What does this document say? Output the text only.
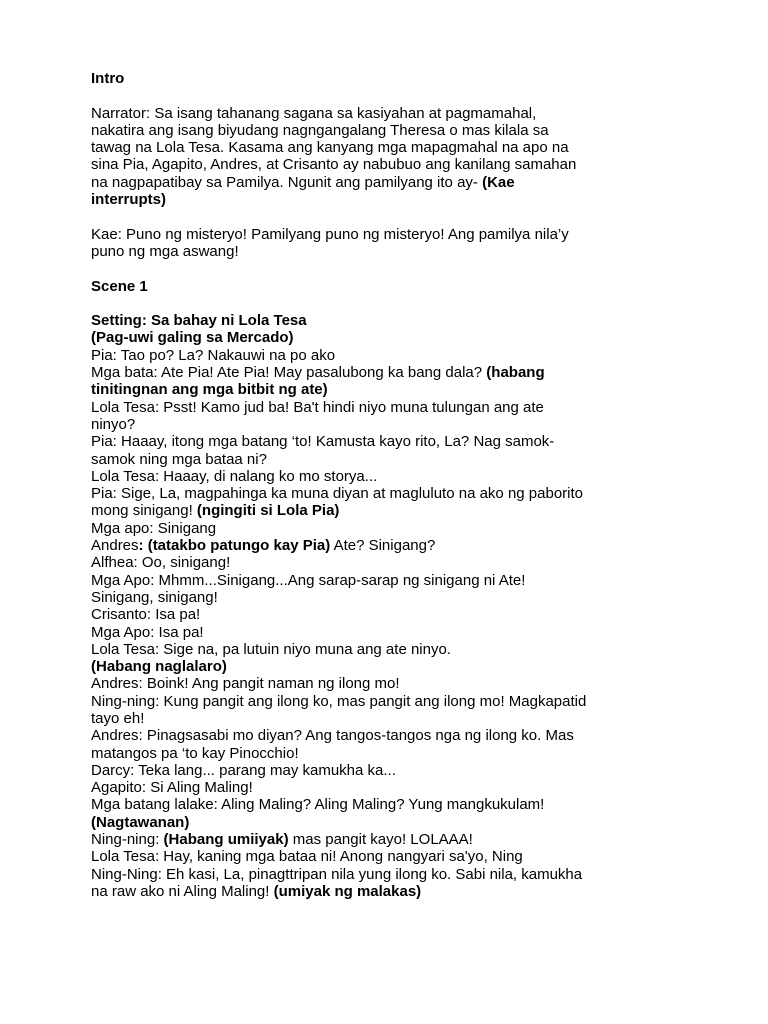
Intro
Narrator: Sa isang tahanang sagana sa kasiyahan at pagmamahal,
nakatira ang isang biyudang nagngangalang Theresa o mas kilala sa
tawag na Lola Tesa. Kasama ang kanyang mga mapagmahal na apo na
sina Pia, Agapito, Andres, at Crisanto ay nabubuo ang kanilang samahan
na nagpapatibay sa Pamilya. Ngunit ang pamilyang ito ay- (Kae
interrupts)
Kae: Puno ng misteryo! Pamilyang puno ng misteryo! Ang pamilya nila’y
puno ng mga aswang!
Scene 1
Setting: Sa bahay ni Lola Tesa
(Pag-uwi galing sa Mercado)
Pia: Tao po? La? Nakauwi na po ako
Mga bata: Ate Pia! Ate Pia! May pasalubong ka bang dala? (habang
tinitingnan ang mga bitbit ng ate)
Lola Tesa: Psst! Kamo jud ba! Ba't hindi niyo muna tulungan ang ate
ninyo?
Pia: Haaay, itong mga batang ‘to! Kamusta kayo rito, La? Nag samok-
samok ning mga bataa ni?
Lola Tesa: Haaay, di nalang ko mo storya...
Pia: Sige, La, magpahinga ka muna diyan at magluluto na ako ng paborito
mong sinigang! (ngingiti si Lola Pia)
Mga apo: Sinigang
Andres: (tatakbo patungo kay Pia) Ate? Sinigang?
Alfhea: Oo, sinigang!
Mga Apo: Mhmm...Sinigang...Ang sarap-sarap ng sinigang ni Ate!
Sinigang, sinigang!
Crisanto: Isa pa!
Mga Apo: Isa pa!
Lola Tesa: Sige na, pa lutuin niyo muna ang ate ninyo.
(Habang naglalaro)
Andres: Boink! Ang pangit naman ng ilong mo!
Ning-ning: Kung pangit ang ilong ko, mas pangit ang ilong mo! Magkapatid
tayo eh!
Andres: Pinagsasabi mo diyan? Ang tangos-tangos nga ng ilong ko. Mas
matangos pa ‘to kay Pinocchio!
Darcy: Teka lang... parang may kamukha ka...
Agapito: Si Aling Maling!
Mga batang lalake: Aling Maling? Aling Maling? Yung mangkukulam!
(Nagtawanan)
Ning-ning: (Habang umiiyak) mas pangit kayo! LOLAAA!
Lola Tesa: Hay, kaning mga bataa ni! Anong nangyari sa'yo, Ning
Ning-Ning: Eh kasi, La, pinagttripan nila yung ilong ko. Sabi nila, kamukha
na raw ako ni Aling Maling! (umiyak ng malakas)
